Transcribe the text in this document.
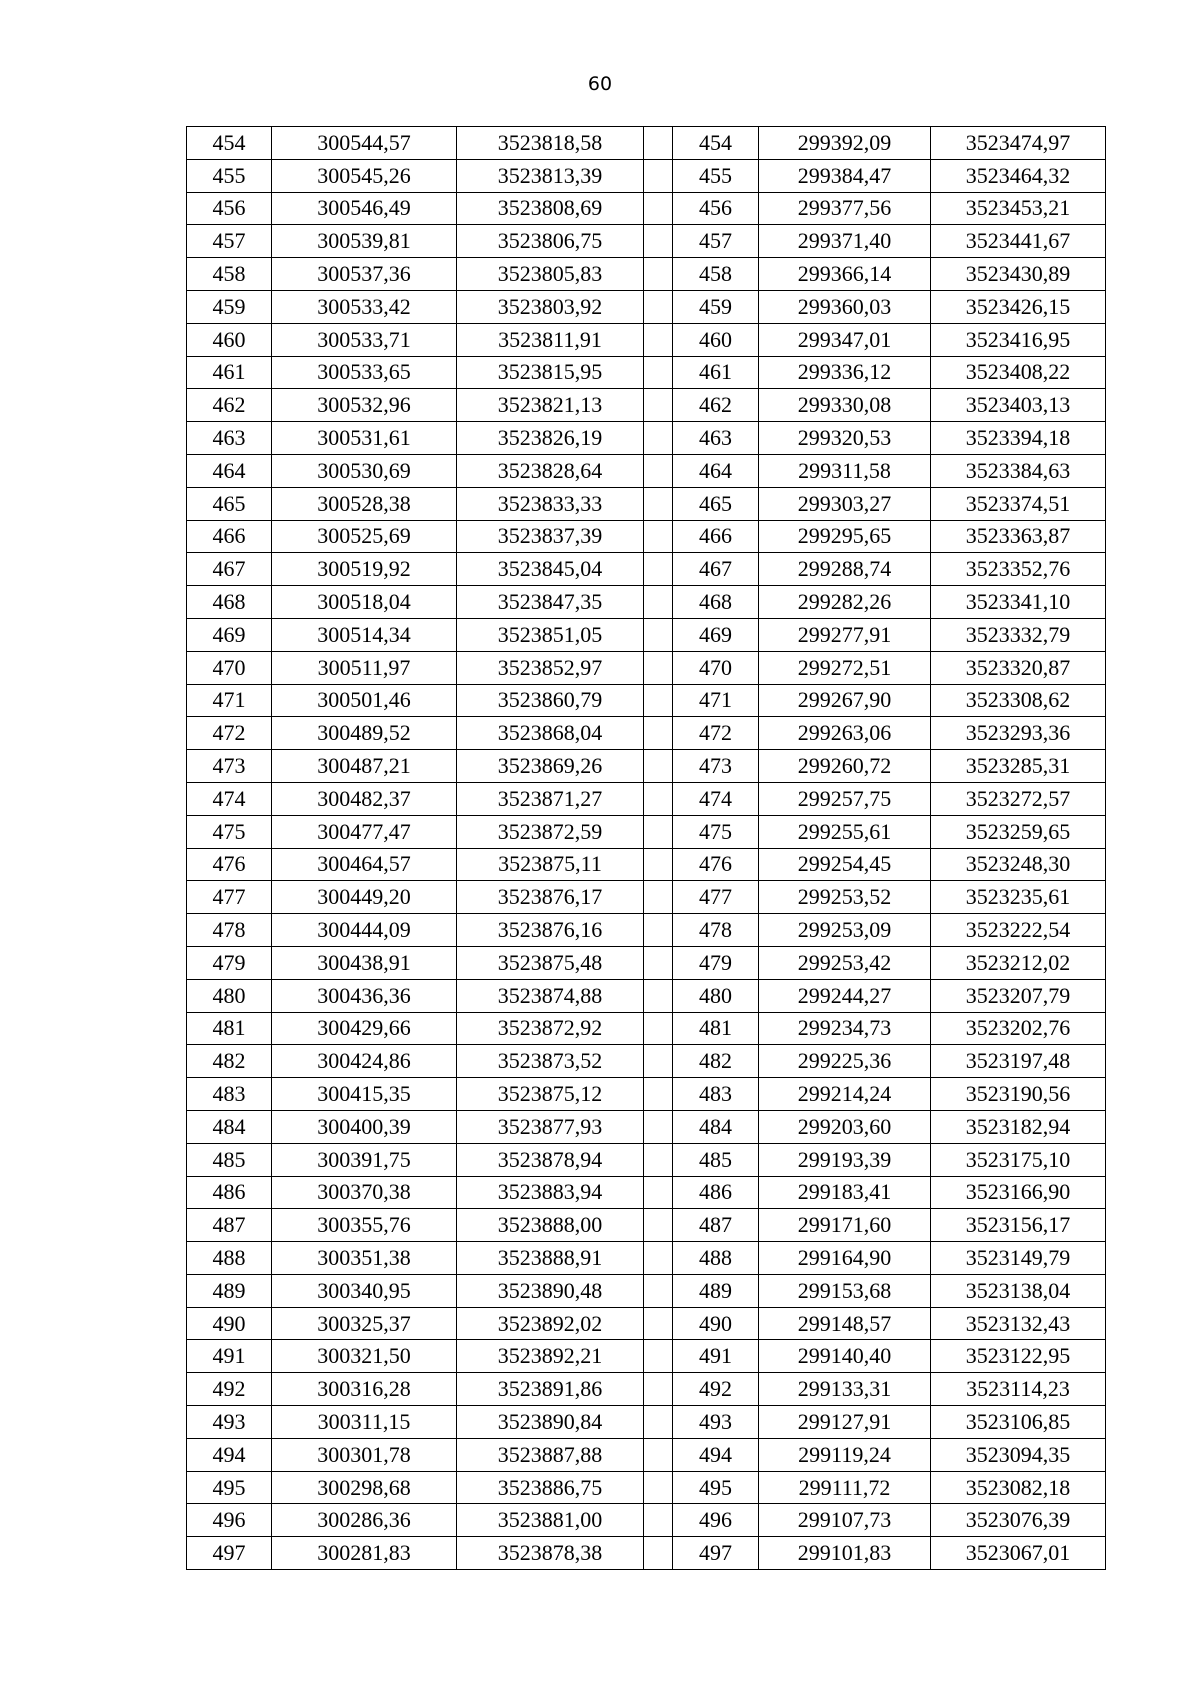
60
454	300544,57	3523818,58		454	299392,09	3523474,97
455	300545,26	3523813,39		455	299384,47	3523464,32
456	300546,49	3523808,69		456	299377,56	3523453,21
457	300539,81	3523806,75		457	299371,40	3523441,67
458	300537,36	3523805,83		458	299366,14	3523430,89
459	300533,42	3523803,92		459	299360,03	3523426,15
460	300533,71	3523811,91		460	299347,01	3523416,95
461	300533,65	3523815,95		461	299336,12	3523408,22
462	300532,96	3523821,13		462	299330,08	3523403,13
463	300531,61	3523826,19		463	299320,53	3523394,18
464	300530,69	3523828,64		464	299311,58	3523384,63
465	300528,38	3523833,33		465	299303,27	3523374,51
466	300525,69	3523837,39		466	299295,65	3523363,87
467	300519,92	3523845,04		467	299288,74	3523352,76
468	300518,04	3523847,35		468	299282,26	3523341,10
469	300514,34	3523851,05		469	299277,91	3523332,79
470	300511,97	3523852,97		470	299272,51	3523320,87
471	300501,46	3523860,79		471	299267,90	3523308,62
472	300489,52	3523868,04		472	299263,06	3523293,36
473	300487,21	3523869,26		473	299260,72	3523285,31
474	300482,37	3523871,27		474	299257,75	3523272,57
475	300477,47	3523872,59		475	299255,61	3523259,65
476	300464,57	3523875,11		476	299254,45	3523248,30
477	300449,20	3523876,17		477	299253,52	3523235,61
478	300444,09	3523876,16		478	299253,09	3523222,54
479	300438,91	3523875,48		479	299253,42	3523212,02
480	300436,36	3523874,88		480	299244,27	3523207,79
481	300429,66	3523872,92		481	299234,73	3523202,76
482	300424,86	3523873,52		482	299225,36	3523197,48
483	300415,35	3523875,12		483	299214,24	3523190,56
484	300400,39	3523877,93		484	299203,60	3523182,94
485	300391,75	3523878,94		485	299193,39	3523175,10
486	300370,38	3523883,94		486	299183,41	3523166,90
487	300355,76	3523888,00		487	299171,60	3523156,17
488	300351,38	3523888,91		488	299164,90	3523149,79
489	300340,95	3523890,48		489	299153,68	3523138,04
490	300325,37	3523892,02		490	299148,57	3523132,43
491	300321,50	3523892,21		491	299140,40	3523122,95
492	300316,28	3523891,86		492	299133,31	3523114,23
493	300311,15	3523890,84		493	299127,91	3523106,85
494	300301,78	3523887,88		494	299119,24	3523094,35
495	300298,68	3523886,75		495	299111,72	3523082,18
496	300286,36	3523881,00		496	299107,73	3523076,39
497	300281,83	3523878,38		497	299101,83	3523067,01
